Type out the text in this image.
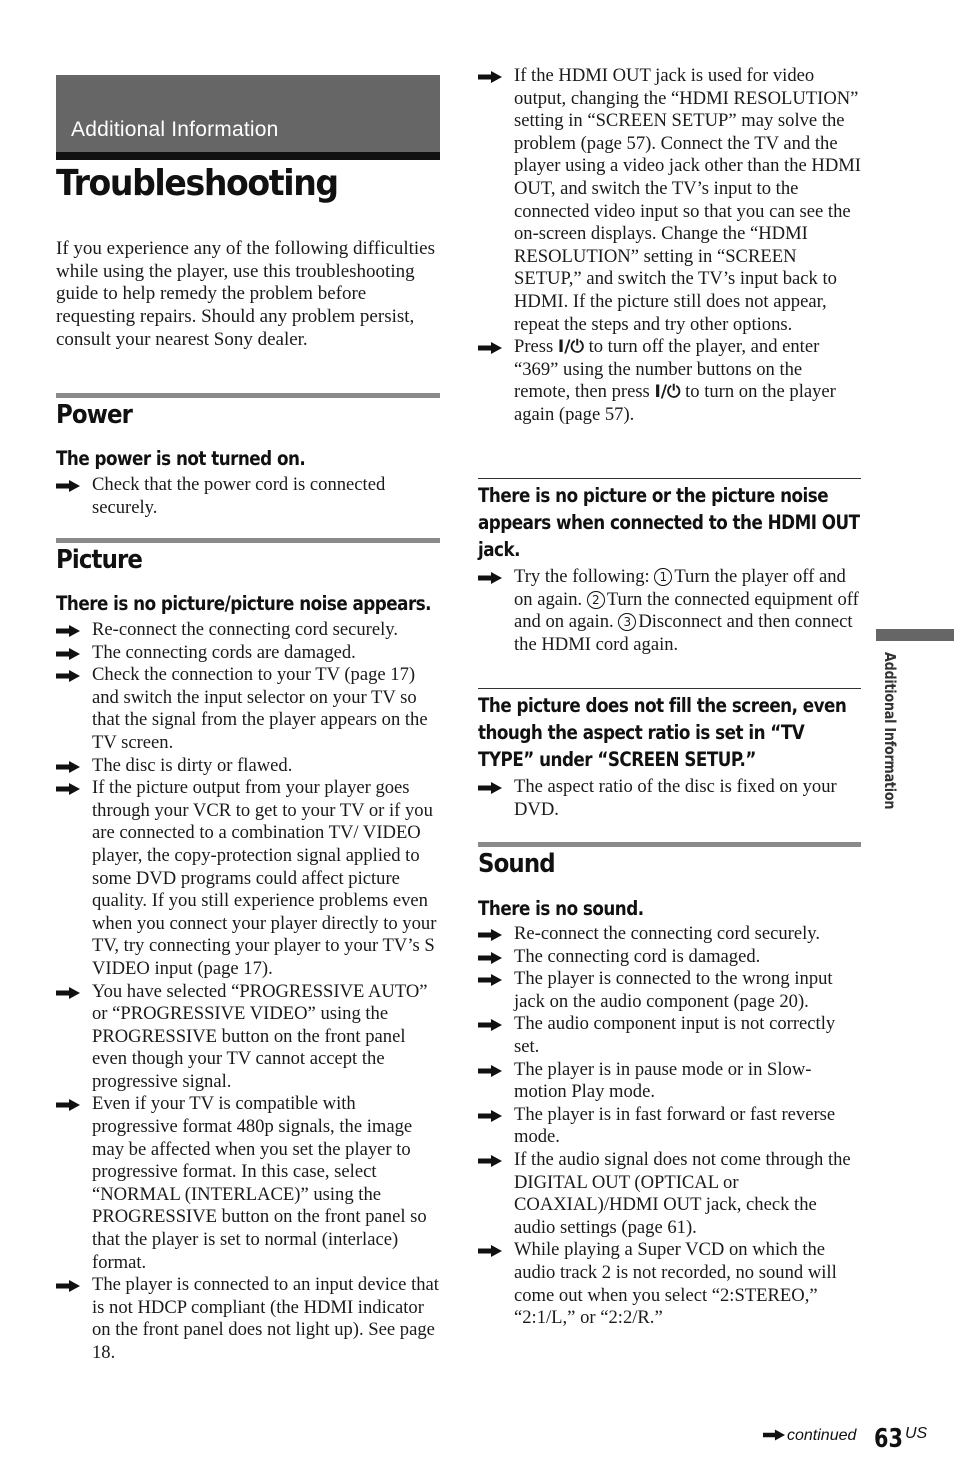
Additional Information
Troubleshooting

If you experience any of the following difficulties while using the player, use this troubleshooting guide to help remedy the problem before requesting repairs. Should any problem persist, consult your nearest Sony dealer.

Power
The power is not turned on.
Check that the power cord is connected securely.
Picture
There is no picture/picture noise appears.
Re-connect the connecting cord securely.
The connecting cords are damaged.
Check the connection to your TV (page 17) and switch the input selector on your TV so that the signal from the player appears on the TV screen.
The disc is dirty or flawed.
If the picture output from your player goes through your VCR to get to your TV or if you are connected to a combination TV/ VIDEO player, the copy-protection signal applied to some DVD programs could affect picture quality. If you still experience problems even when you connect your player directly to your TV, try connecting your player to your TV’s S VIDEO input (page 17).
You have selected “PROGRESSIVE AUTO” or “PROGRESSIVE VIDEO” using the PROGRESSIVE button on the front panel even though your TV cannot accept the progressive signal.
Even if your TV is compatible with progressive format 480p signals, the image may be affected when you set the player to progressive format. In this case, select “NORMAL (INTERLACE)” using the PROGRESSIVE button on the front panel so that the player is set to normal (interlace) format.
The player is connected to an input device that is not HDCP compliant (the HDMI indicator on the front panel does not light up). See page 18.
If the HDMI OUT jack is used for video output, changing the “HDMI RESOLUTION” setting in “SCREEN SETUP” may solve the problem (page 57). Connect the TV and the player using a video jack other than the HDMI OUT, and switch the TV’s input to the connected video input so that you can see the on-screen displays. Change the “HDMI RESOLUTION” setting in “SCREEN SETUP,” and switch the TV’s input back to HDMI. If the picture still does not appear, repeat the steps and try other options.
Press I/⏻ to turn off the player, and enter “369” using the number buttons on the remote, then press I/⏻ to turn on the player again (page 57).
There is no picture or the picture noise appears when connected to the HDMI OUT jack.
Try the following: 1 Turn the player off and on again. 2 Turn the connected equipment off and on again. 3 Disconnect and then connect the HDMI cord again.
The picture does not fill the screen, even though the aspect ratio is set in “TV TYPE” under “SCREEN SETUP.”
The aspect ratio of the disc is fixed on your DVD.
Sound
There is no sound.
Re-connect the connecting cord securely.
The connecting cord is damaged.
The player is connected to the wrong input jack on the audio component (page 20).
The audio component input is not correctly set.
The player is in pause mode or in Slow-motion Play mode.
The player is in fast forward or fast reverse mode.
If the audio signal does not come through the DIGITAL OUT (OPTICAL or COAXIAL)/HDMI OUT jack, check the audio settings (page 61).
While playing a Super VCD on which the audio track 2 is not recorded, no sound will come out when you select “2:STEREO,” “2:1/L,” or “2:2/R.”
Additional Information
continued 63 US
